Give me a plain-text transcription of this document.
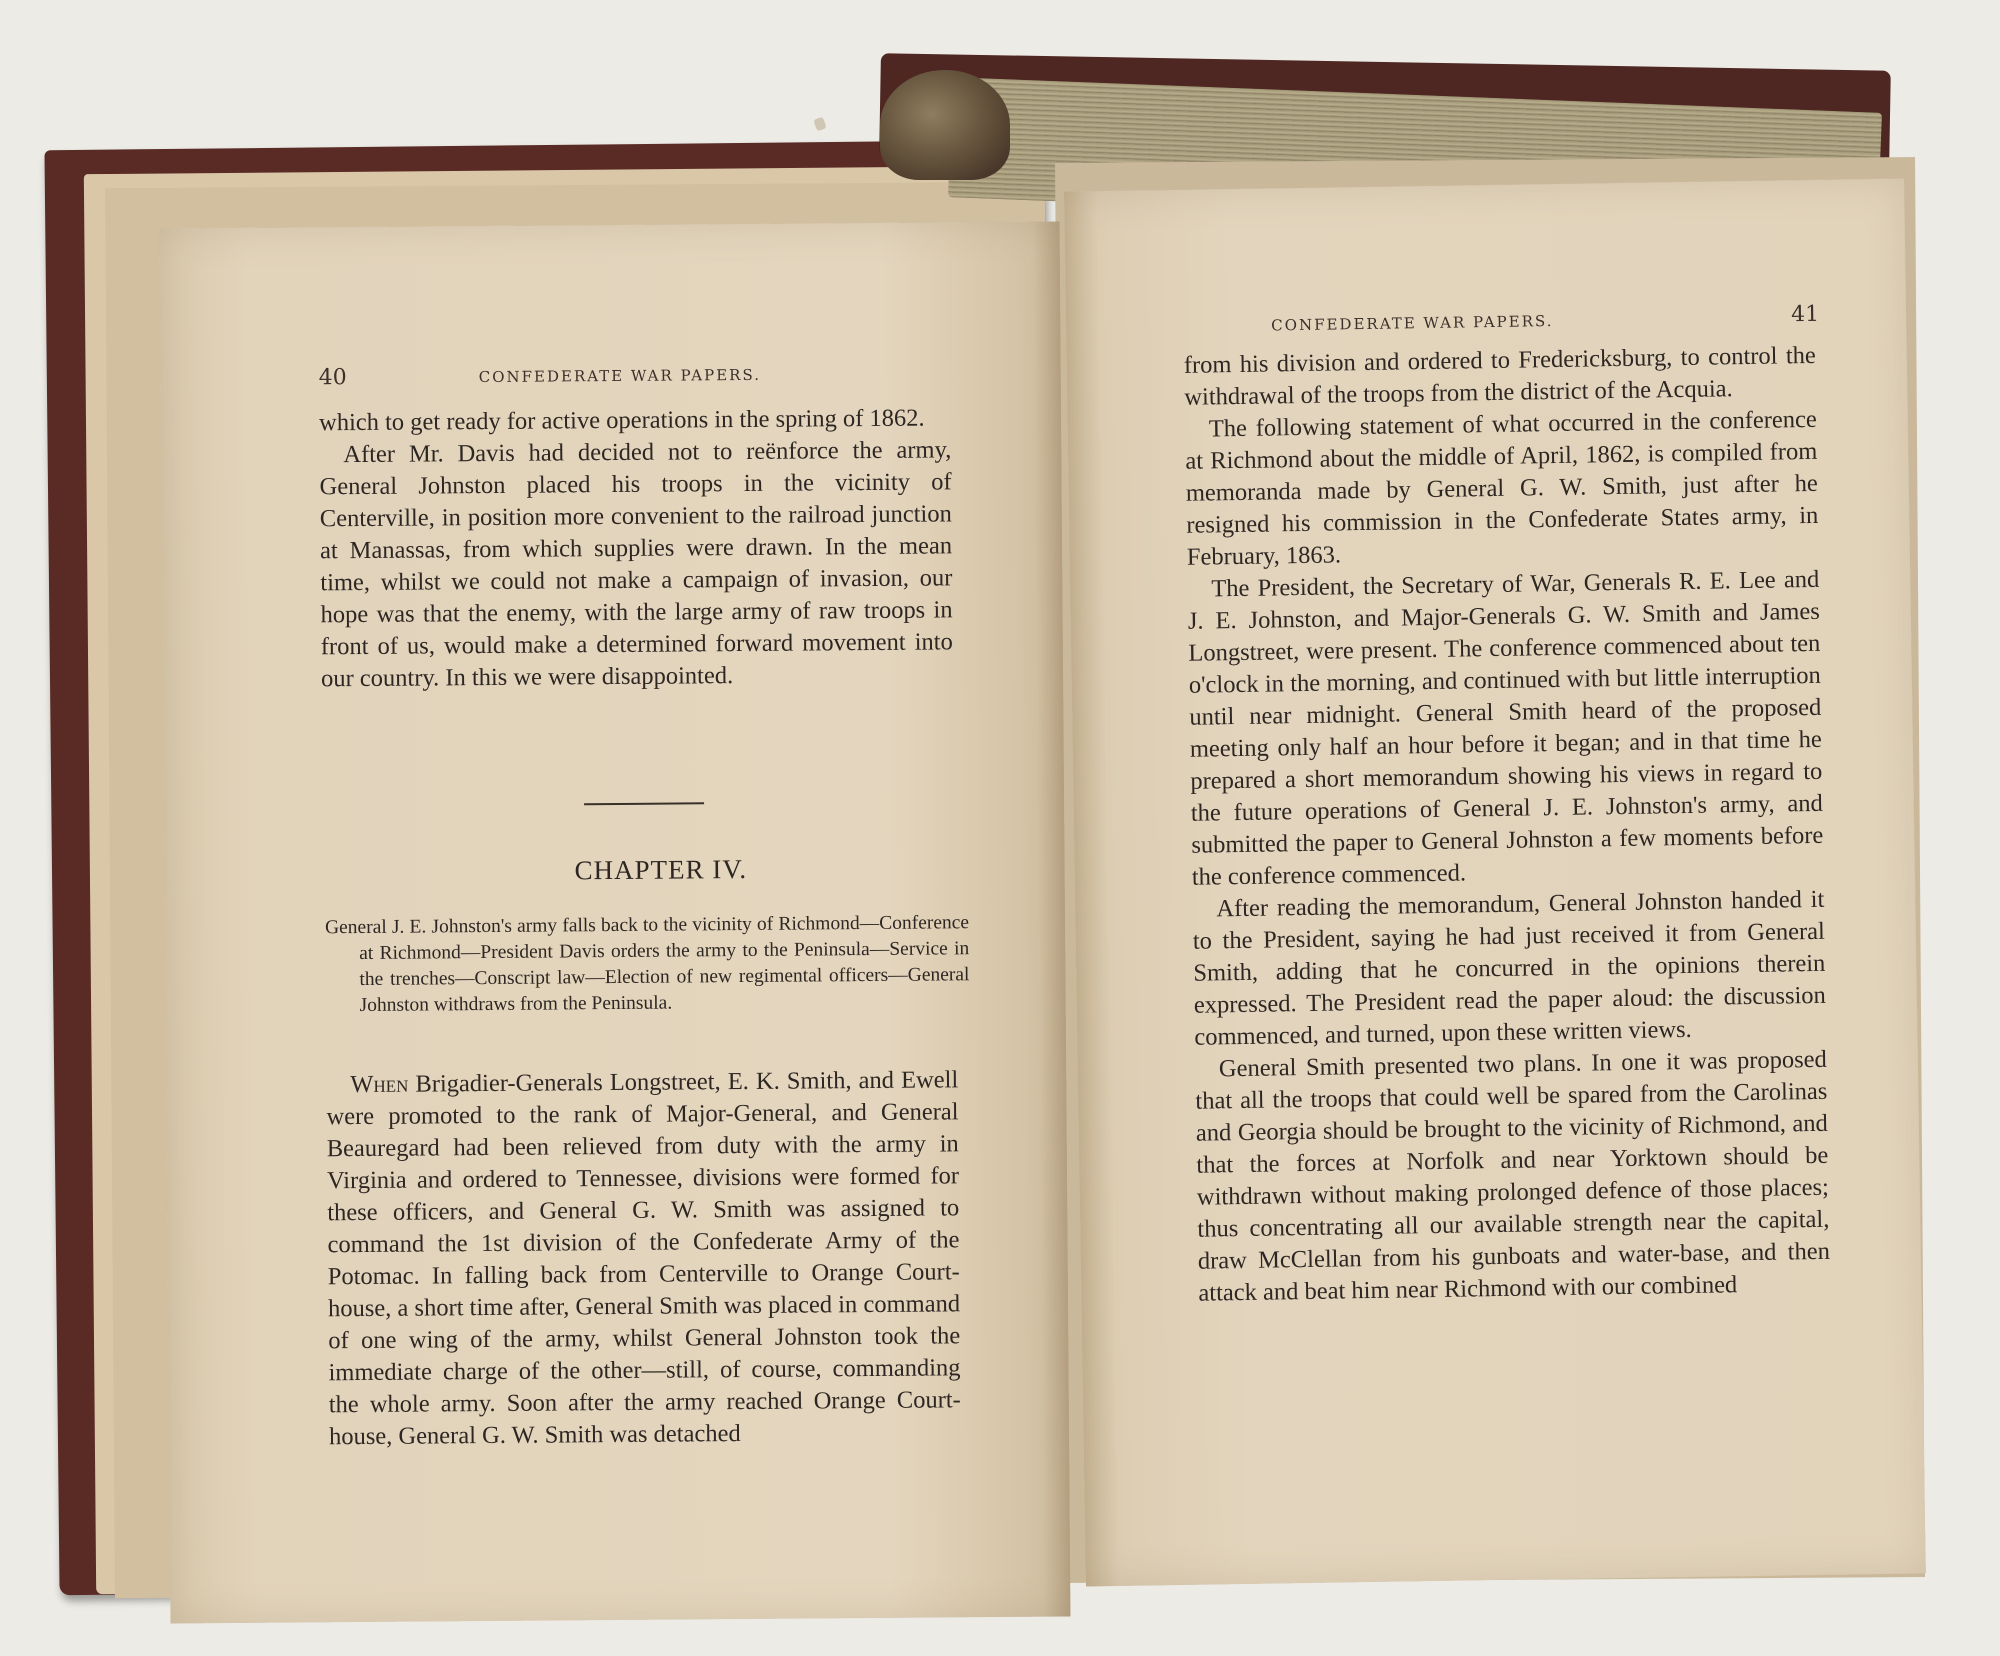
40	CONFEDERATE WAR PAPERS.

which to get ready for active operations in the spring of 1862.

After Mr. Davis had decided not to reënforce the army, General Johnston placed his troops in the vicinity of Centerville, in position more convenient to the railroad junction at Manassas, from which supplies were drawn. In the mean time, whilst we could not make a campaign of invasion, our hope was that the enemy, with the large army of raw troops in front of us, would make a determined forward movement into our country. In this we were disappointed.

CHAPTER IV.
General J. E. Johnston's army falls back to the vicinity of Richmond—Conference at Richmond—President Davis orders the army to the Peninsula—Service in the trenches—Conscript law—Election of new regimental officers—General Johnston withdraws from the Peninsula.

When Brigadier-Generals Longstreet, E. K. Smith, and Ewell were promoted to the rank of Major-General, and General Beauregard had been relieved from duty with the army in Virginia and ordered to Tennessee, divisions were formed for these officers, and General G. W. Smith was assigned to command the 1st division of the Confederate Army of the Potomac. In falling back from Centerville to Orange Court-house, a short time after, General Smith was placed in command of one wing of the army, whilst General Johnston took the immediate charge of the other—still, of course, commanding the whole army. Soon after the army reached Orange Court-house, General G. W. Smith was detached

CONFEDERATE WAR PAPERS.	41

from his division and ordered to Fredericksburg, to control the withdrawal of the troops from the district of the Acquia.

The following statement of what occurred in the conference at Richmond about the middle of April, 1862, is compiled from memoranda made by General G. W. Smith, just after he resigned his commission in the Confederate States army, in February, 1863.

The President, the Secretary of War, Generals R. E. Lee and J. E. Johnston, and Major-Generals G. W. Smith and James Longstreet, were present. The conference commenced about ten o'clock in the morning, and continued with but little interruption until near midnight. General Smith heard of the proposed meeting only half an hour before it began; and in that time he prepared a short memorandum showing his views in regard to the future operations of General J. E. Johnston's army, and submitted the paper to General Johnston a few moments before the conference commenced.

After reading the memorandum, General Johnston handed it to the President, saying he had just received it from General Smith, adding that he concurred in the opinions therein expressed. The President read the paper aloud: the discussion commenced, and turned, upon these written views.

General Smith presented two plans. In one it was proposed that all the troops that could well be spared from the Carolinas and Georgia should be brought to the vicinity of Richmond, and that the forces at Norfolk and near Yorktown should be withdrawn without making prolonged defence of those places; thus concentrating all our available strength near the capital, draw McClellan from his gunboats and water-base, and then attack and beat him near Richmond with our combined
